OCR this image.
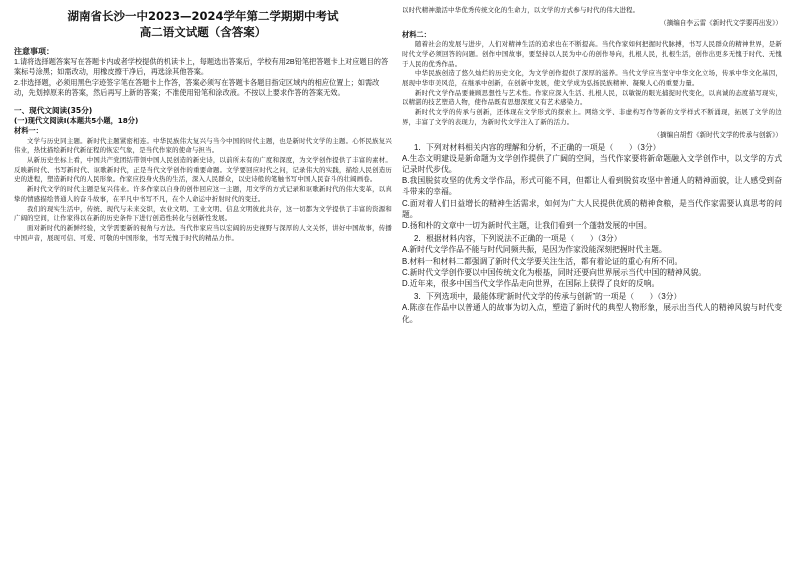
湖南省长沙一中2023—2024学年第二学期期中考试
高二语文试题（含答案）
注意事项：

1.请将选择题答案写在答题卡内或者学校提供的机读卡上，每题选出答案后，学校有用2B铅笔把答题卡上对应题目的答案标号涂黑；如需改动，用橡皮擦干净后，再选涂其他答案。

2.非选择题，必须用黑色字迹签字笔在答题卡上作答，答案必须写在答题卡各题目指定区域内的相应位置上；如需改动，先划掉原来的答案，然后再写上新的答案；不准使用铅笔和涂改液。不按以上要求作答的答案无效。

一、现代文阅读(35分)
(一)现代文阅读Ⅰ(本题共5小题，18分)
材料一：

文学与历史同主题。新时代主题紧密相连。中华民族伟大复兴与当今中国的时代主题，也是新时代文学的主题。心怀民族复兴伟业，热忱描绘新时代新征程的恢宏气象，是当代作家的使命与担当。

从新历史坐标上看，中国共产党团结带领中国人民创造的新史诗，以前所未有的广度和深度，为文学创作提供了丰富的素材。反映新时代、书写新时代、讴歌新时代，正是当代文学创作的重要命题。文学要回应时代之问，记录伟大的实践，描绘人民创造历史的进程，塑造新时代的人民形象。作家应投身火热的生活，深入人民群众，以史诗般的笔触书写中国人民奋斗的壮阔画卷。

新时代文学的时代主题是复兴伟业。许多作家以自身的创作回应这一主题，用文学的方式记录和讴歌新时代的伟大变革，以真挚的情感描绘普通人的奋斗故事，在平凡中书写不凡，在个人命运中折射时代的变迁。

我们的现实生活中，传统、现代与未来交织，农业文明、工业文明、信息文明彼此共存，这一切都为文学提供了丰富的资源和广阔的空间，让作家得以在新的历史条件下进行创造性转化与创新性发展。

面对新时代的新鲜经验，文学需要新的视角与方法。当代作家应当以宏阔的历史视野与深厚的人文关怀，讲好中国故事，传播中国声音，展现可信、可爱、可敬的中国形象，书写无愧于时代的精品力作。

以时代精神激活中华优秀传统文化的生命力，以文学的方式参与时代的伟大进程。

（摘编自李云雷《新时代文学要再出发》）
材料二：

随着社会的发展与进步，人们对精神生活的追求也在不断提高。当代作家如何把握时代脉搏，书写人民群众的精神世界，是新时代文学必须回答的问题。创作中国故事，要坚持以人民为中心的创作导向，扎根人民，扎根生活，创作出更多无愧于时代、无愧于人民的优秀作品。

中华民族创造了悠久灿烂的历史文化，为文学创作提供了深厚的滋养。当代文学应当坚守中华文化立场，传承中华文化基因，展现中华审美风范，在继承中创新，在创新中发展，使文学成为弘扬民族精神、凝聚人心的重要力量。

新时代文学作品要兼顾思想性与艺术性。作家应深入生活、扎根人民，以敏锐的眼光捕捉时代变化，以真诚的态度描写现实，以精湛的技艺塑造人物，使作品既有思想深度又有艺术感染力。

新时代文学的传承与创新，还体现在文学形式的探索上。网络文学、非虚构写作等新的文学样式不断涌现，拓展了文学的边界，丰富了文学的表现力，为新时代文学注入了新的活力。

（摘编自胡哲《新时代文学的传承与创新》）

1．下列对材料相关内容的理解和分析，不正确的一项是（　　）（3分）

A.生态文明建设是新命题为文学创作提供了广阔的空间，当代作家要将新命题融入文学创作中，以文学的方式记录时代步伐。

B.我国脱贫攻坚的优秀文学作品，形式可能不同，但都让人看到脱贫攻坚中普通人的精神面貌，让人感受到奋斗带来的幸福。

C.面对着人们日益增长的精神生活需求，如何为广大人民提供优质的精神食粮，是当代作家需要认真思考的问题。

D.扬和朴的文章中一切为新时代主题，让我们看到一个蓬勃发展的中国。

2．根据材料内容，下列说法不正确的一项是（　　）（3分）

A.新时代文学作品不能与时代同频共振，是因为作家没能深刻把握时代主题。

B.材料一和材料二都强调了新时代文学要关注生活，都有着论证的重心有所不同。

C.新时代文学创作要以中国传统文化为根基，同时还要向世界展示当代中国的精神风貌。

D.近年来，很多中国当代文学作品走向世界，在国际上获得了良好的反响。

3．下列选项中，最能体现“新时代文学的传承与创新”的一项是（　　）（3分）

A.陈彦在作品中以普通人的故事为切入点，塑造了新时代的典型人物形象，展示出当代人的精神风貌与时代变化。
